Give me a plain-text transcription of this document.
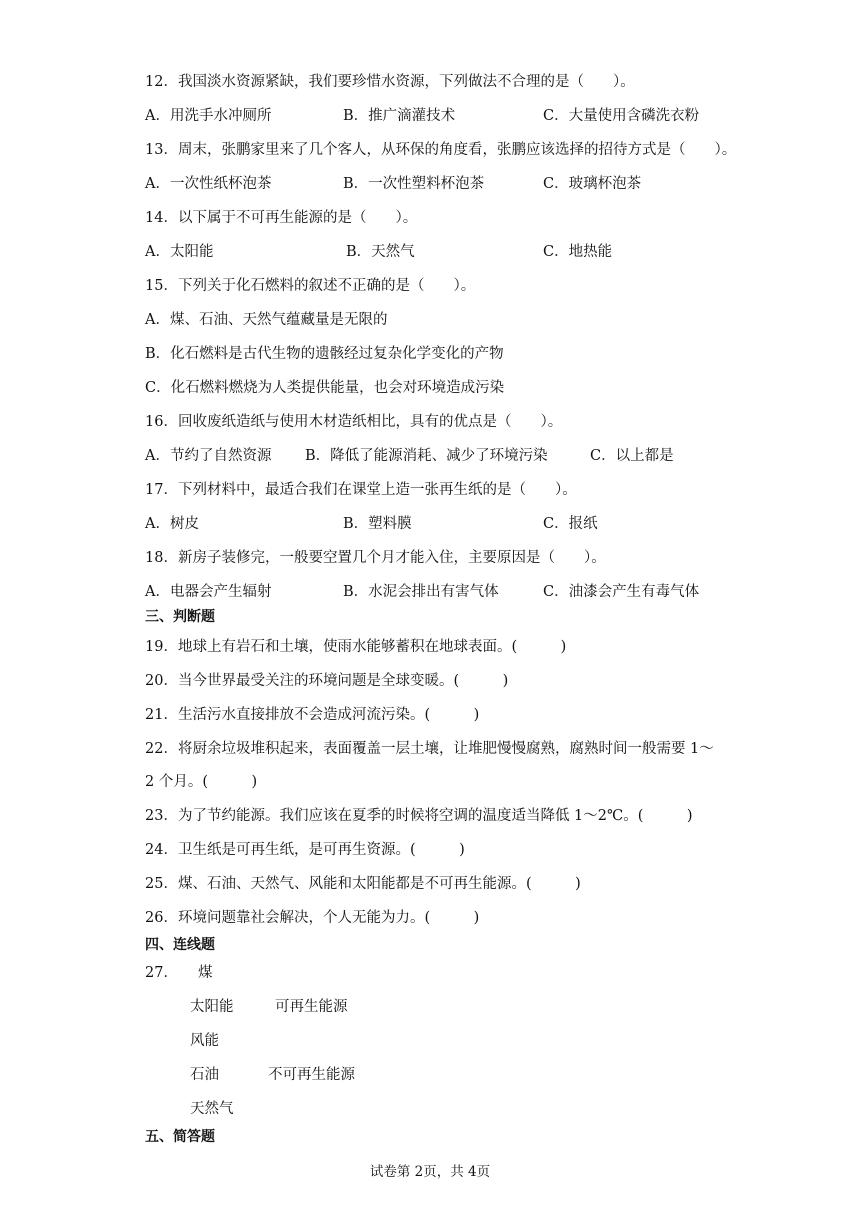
12．我国淡水资源紧缺，我们要珍惜水资源，下列做法不合理的是（　　）。
A．用洗手水冲厕所	B．推广滴灌技术	C．大量使用含磷洗衣粉
13．周末，张鹏家里来了几个客人，从环保的角度看，张鹏应该选择的招待方式是（　　）。
A．一次性纸杯泡茶	B．一次性塑料杯泡茶	C．玻璃杯泡茶
14．以下属于不可再生能源的是（　　）。
A．太阳能	B．天然气	C．地热能
15．下列关于化石燃料的叙述不正确的是（　　）。
A．煤、石油、天然气蕴藏量是无限的
B．化石燃料是古代生物的遗骸经过复杂化学变化的产物
C．化石燃料燃烧为人类提供能量，也会对环境造成污染
16．回收废纸造纸与使用木材造纸相比，具有的优点是（　　）。
A．节约了自然资源 B．降低了能源消耗、减少了环境污染	C．以上都是
17．下列材料中，最适合我们在课堂上造一张再生纸的是（　　）。
A．树皮	B．塑料膜	C．报纸
18．新房子装修完，一般要空置几个月才能入住，主要原因是（　　）。
A．电器会产生辐射	B．水泥会排出有害气体	C．油漆会产生有毒气体
三、判断题
19．地球上有岩石和土壤，使雨水能够蓄积在地球表面。(　　　)
20．当今世界最受关注的环境问题是全球变暖。(　　　)
21．生活污水直接排放不会造成河流污染。(　　　)
22．将厨余垃圾堆积起来，表面覆盖一层土壤，让堆肥慢慢腐熟，腐熟时间一般需要 1～
2 个月。(　　　)
23．为了节约能源。我们应该在夏季的时候将空调的温度适当降低 1～2℃。(　　　)
24．卫生纸是可再生纸，是可再生资源。(　　　)
25．煤、石油、天然气、风能和太阳能都是不可再生能源。(　　　)
26．环境问题靠社会解决，个人无能为力。(　　　)
四、连线题
27． 煤
太阳能	可再生能源
风能
石油	不可再生能源
天然气
五、简答题
试卷第 2页，共 4页
